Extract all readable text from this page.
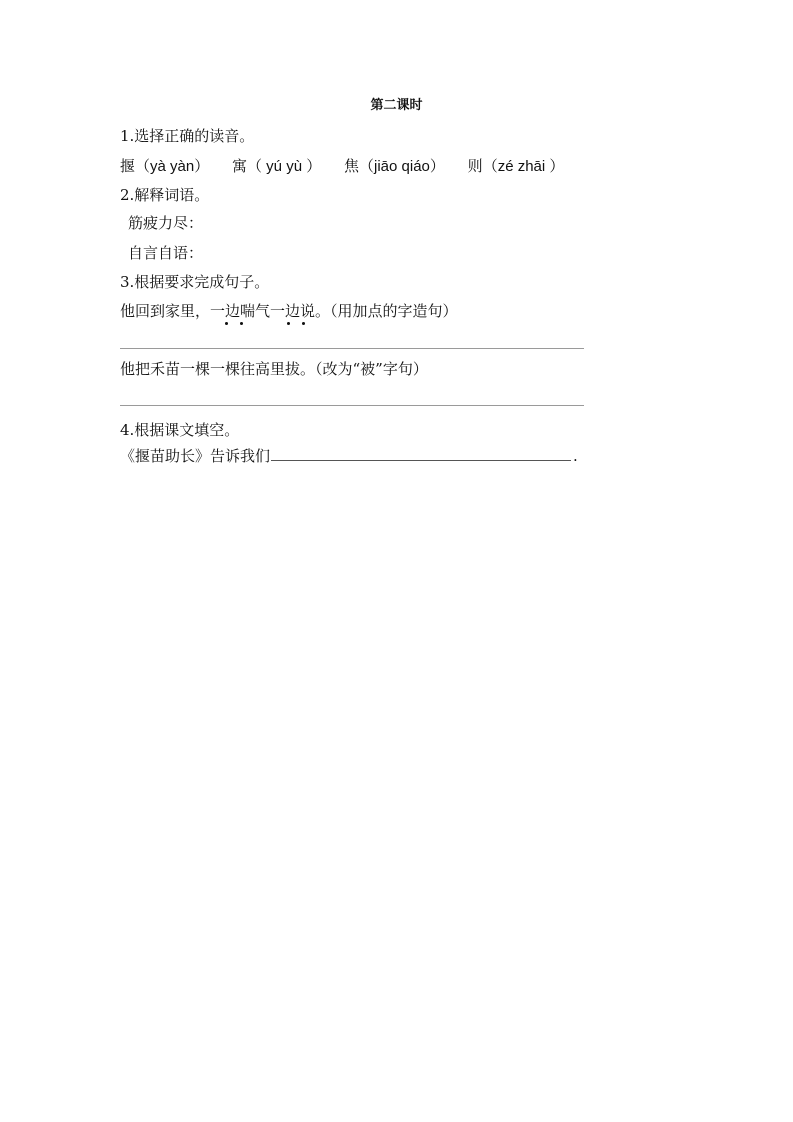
第二课时
1.选择正确的读音。
揠（yà yàn） 寓（ yú yù ） 焦（jiāo qiáo） 则（zé zhāi ）
2.解释词语。
筋疲力尽：
自言自语：
3.根据要求完成句子。
他回到家里，一边喘气一边说。（用加点的字造句）
他把禾苗一棵一棵往高里拔。（改为“被”字句）
4.根据课文填空。
《揠苗助长》告诉我们	.
